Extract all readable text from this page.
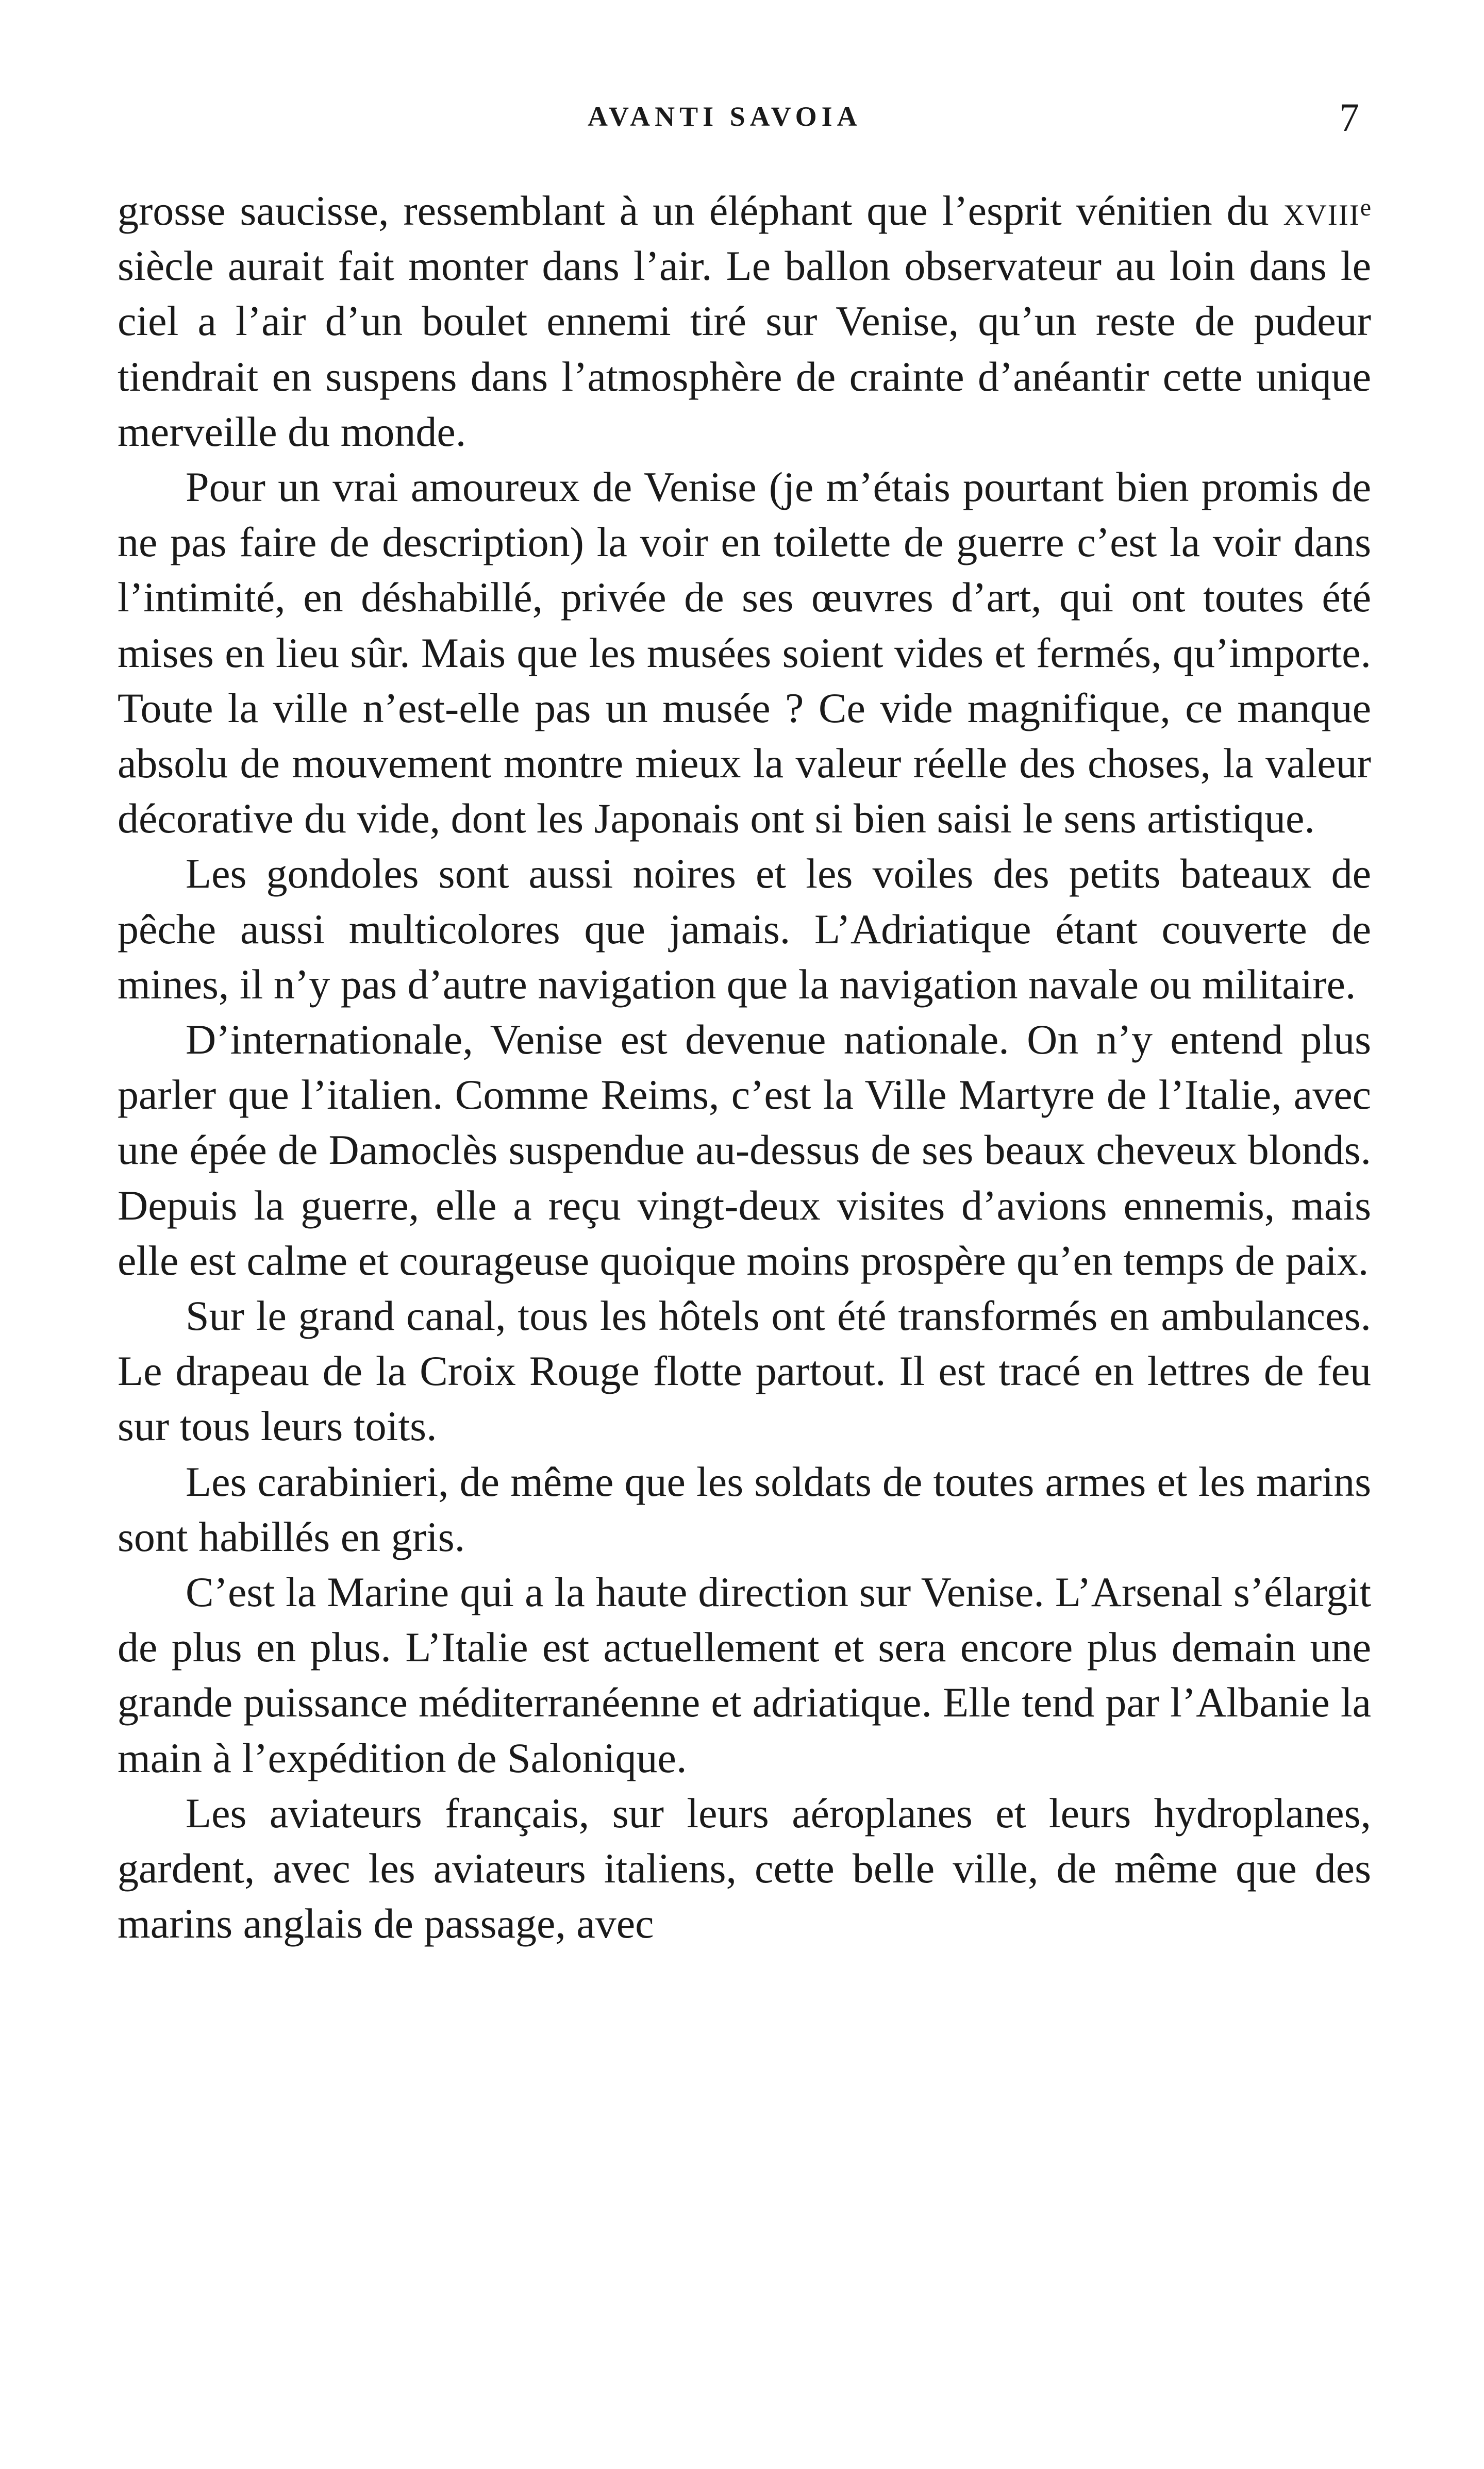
AVANTI SAVOIA	7

grosse saucisse, ressemblant à un éléphant que l’esprit vénitien du xviii$^e$ siècle aurait fait monter dans l’air. Le ballon observateur au loin dans le ciel a l’air d’un boulet ennemi tiré sur Venise, qu’un reste de pudeur tiendrait en suspens dans l’atmosphère de crainte d’anéantir cette unique merveille du monde.

Pour un vrai amoureux de Venise (je m’étais pourtant bien promis de ne pas faire de description) la voir en toilette de guerre c’est la voir dans l’intimité, en déshabillé, privée de ses œuvres d’art, qui ont toutes été mises en lieu sûr. Mais que les musées soient vides et fermés, qu’importe. Toute la ville n’est-elle pas un musée ? Ce vide magnifique, ce manque absolu de mouvement montre mieux la valeur réelle des choses, la valeur décorative du vide, dont les Japonais ont si bien saisi le sens artistique.

Les gondoles sont aussi noires et les voiles des petits bateaux de pêche aussi multicolores que jamais. L’Adriatique étant couverte de mines, il n’y pas d’autre navigation que la navigation navale ou militaire.

D’internationale, Venise est devenue nationale. On n’y entend plus parler que l’italien. Comme Reims, c’est la Ville Martyre de l’Italie, avec une épée de Damoclès suspendue au-dessus de ses beaux cheveux blonds. Depuis la guerre, elle a reçu vingt-deux visites d’avions ennemis, mais elle est calme et courageuse quoique moins prospère qu’en temps de paix.

Sur le grand canal, tous les hôtels ont été transformés en ambulances. Le drapeau de la Croix Rouge flotte partout. Il est tracé en lettres de feu sur tous leurs toits.

Les carabinieri, de même que les soldats de toutes armes et les marins sont habillés en gris.

C’est la Marine qui a la haute direction sur Venise. L’Arsenal s’élargit de plus en plus. L’Italie est actuellement et sera encore plus demain une grande puissance méditerranéenne et adriatique. Elle tend par l’Albanie la main à l’expédition de Salonique.

Les aviateurs français, sur leurs aéroplanes et leurs hydroplanes, gardent, avec les aviateurs italiens, cette belle ville, de même que des marins anglais de passage, avec
